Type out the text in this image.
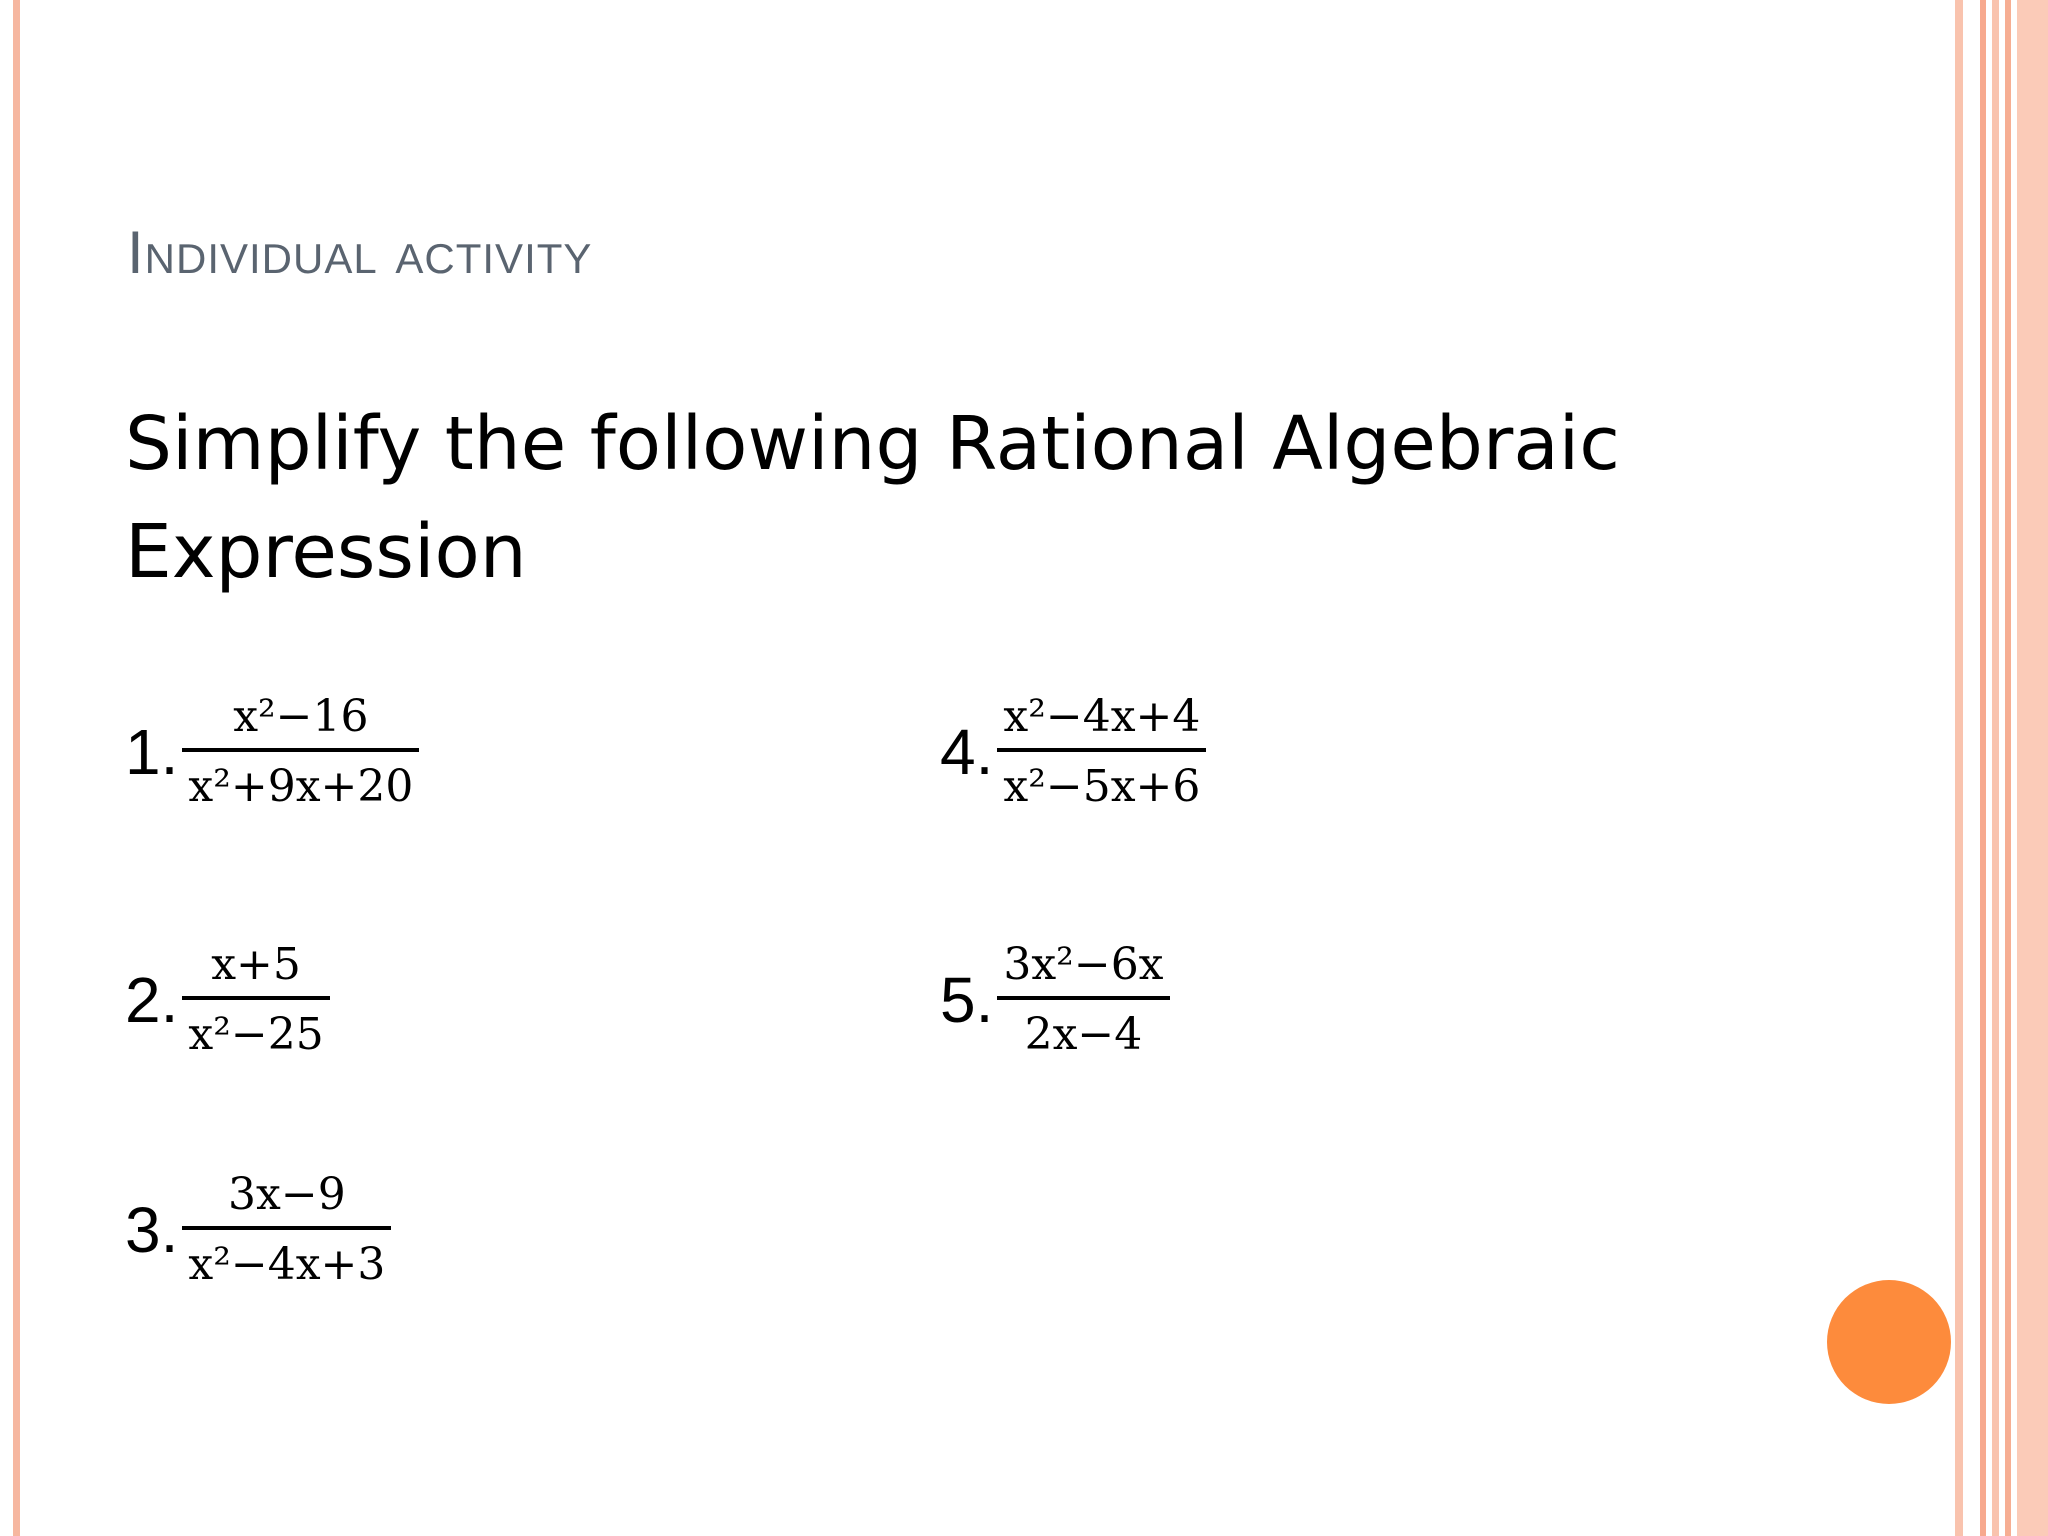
Individual activity
Simplify the following Rational Algebraic Expression
1. $\frac{\text{x²−16}}{\text{x²+9x+20}}$
2. $\frac{x+5}{\text{x²−25}}$
3. $\frac{3x-9}{\text{x²−4x+3}}$
4. $\frac{\text{x²−4x+4}}{\text{x²−5x+6}}$
5. $\frac{\text{3x²−6x}}{2x-4}$
